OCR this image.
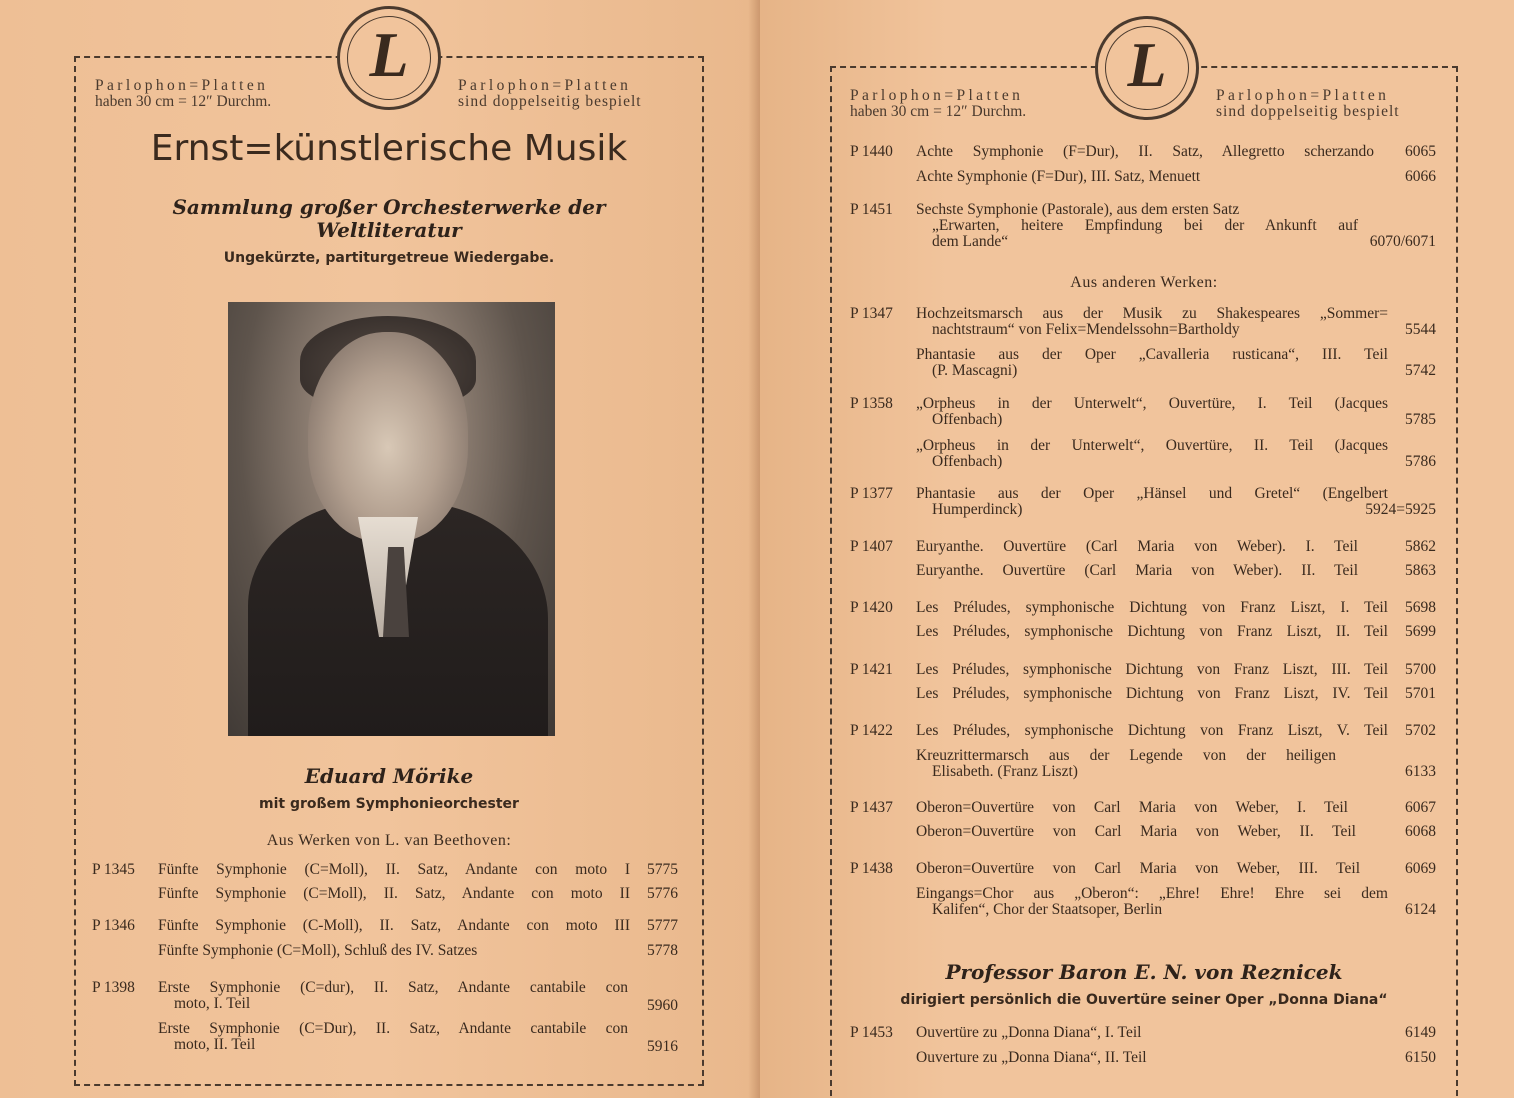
L
Parlophon=Platten
haben 30 cm = 12″ Durchm.
Parlophon=Platten
sind doppelseitig bespielt
Ernst=künstlerische Musik
Sammlung großer Orchesterwerke der
Weltliteratur
Ungekürzte, partiturgetreue Wiedergabe.
Eduard Mörike
mit großem Symphonieorchester
Aus Werken von L. van Beethoven:
P 1345 Fünfte Symphonie (C=Moll), II. Satz, Andante con moto I	5775
Fünfte Symphonie (C=Moll), II. Satz, Andante con moto II	5776
P 1346 Fünfte Symphonie (C-Moll), II. Satz, Andante con moto III	5777
Fünfte Symphonie (C=Moll), Schluß des IV. Satzes	5778
P 1398 Erste Symphonie (C=dur), II. Satz, Andante cantabile con
moto, I. Teil	5960
Erste Symphonie (C=Dur), II. Satz, Andante cantabile con
moto, II. Teil	5916
L
Parlophon=Platten
haben 30 cm = 12″ Durchm.
Parlophon=Platten
sind doppelseitig bespielt
P 1440 Achte Symphonie (F=Dur), II. Satz, Allegretto scherzando	6065
Achte Symphonie (F=Dur), III. Satz, Menuett	6066
P 1451 Sechste Symphonie (Pastorale), aus dem ersten Satz
„Erwarten, heitere Empfindung bei der Ankunft auf
dem Lande“	6070/6071
Aus anderen Werken:
P 1347 Hochzeitsmarsch aus der Musik zu Shakespeares „Sommer=
nachtstraum“ von Felix=Mendelssohn=Bartholdy	5544
Phantasie aus der Oper „Cavalleria rusticana“, III. Teil
(P. Mascagni)	5742
P 1358 „Orpheus in der Unterwelt“, Ouvertüre, I. Teil (Jacques
Offenbach)	5785
„Orpheus in der Unterwelt“, Ouvertüre, II. Teil (Jacques
Offenbach)	5786
P 1377 Phantasie aus der Oper „Hänsel und Gretel“ (Engelbert
Humperdinck)	5924=5925
P 1407 Euryanthe. Ouvertüre (Carl Maria von Weber). I. Teil	5862
Euryanthe. Ouvertüre (Carl Maria von Weber). II. Teil	5863
P 1420 Les Préludes, symphonische Dichtung von Franz Liszt, I. Teil	5698
Les Préludes, symphonische Dichtung von Franz Liszt, II. Teil	5699
P 1421 Les Préludes, symphonische Dichtung von Franz Liszt, III. Teil	5700
Les Préludes, symphonische Dichtung von Franz Liszt, IV. Teil	5701
P 1422 Les Préludes, symphonische Dichtung von Franz Liszt, V. Teil	5702
Kreuzrittermarsch aus der Legende von der heiligen
Elisabeth. (Franz Liszt)	6133
P 1437 Oberon=Ouvertüre von Carl Maria von Weber, I. Teil	6067
Oberon=Ouvertüre von Carl Maria von Weber, II. Teil	6068
P 1438 Oberon=Ouvertüre von Carl Maria von Weber, III. Teil	6069
Eingangs=Chor aus „Oberon“: „Ehre! Ehre! Ehre sei dem
Kalifen“, Chor der Staatsoper, Berlin	6124
Professor Baron E. N. von Reznicek
dirigiert persönlich die Ouvertüre seiner Oper „Donna Diana“
P 1453 Ouvertüre zu „Donna Diana“, I. Teil	6149
Ouverture zu „Donna Diana“, II. Teil	6150
